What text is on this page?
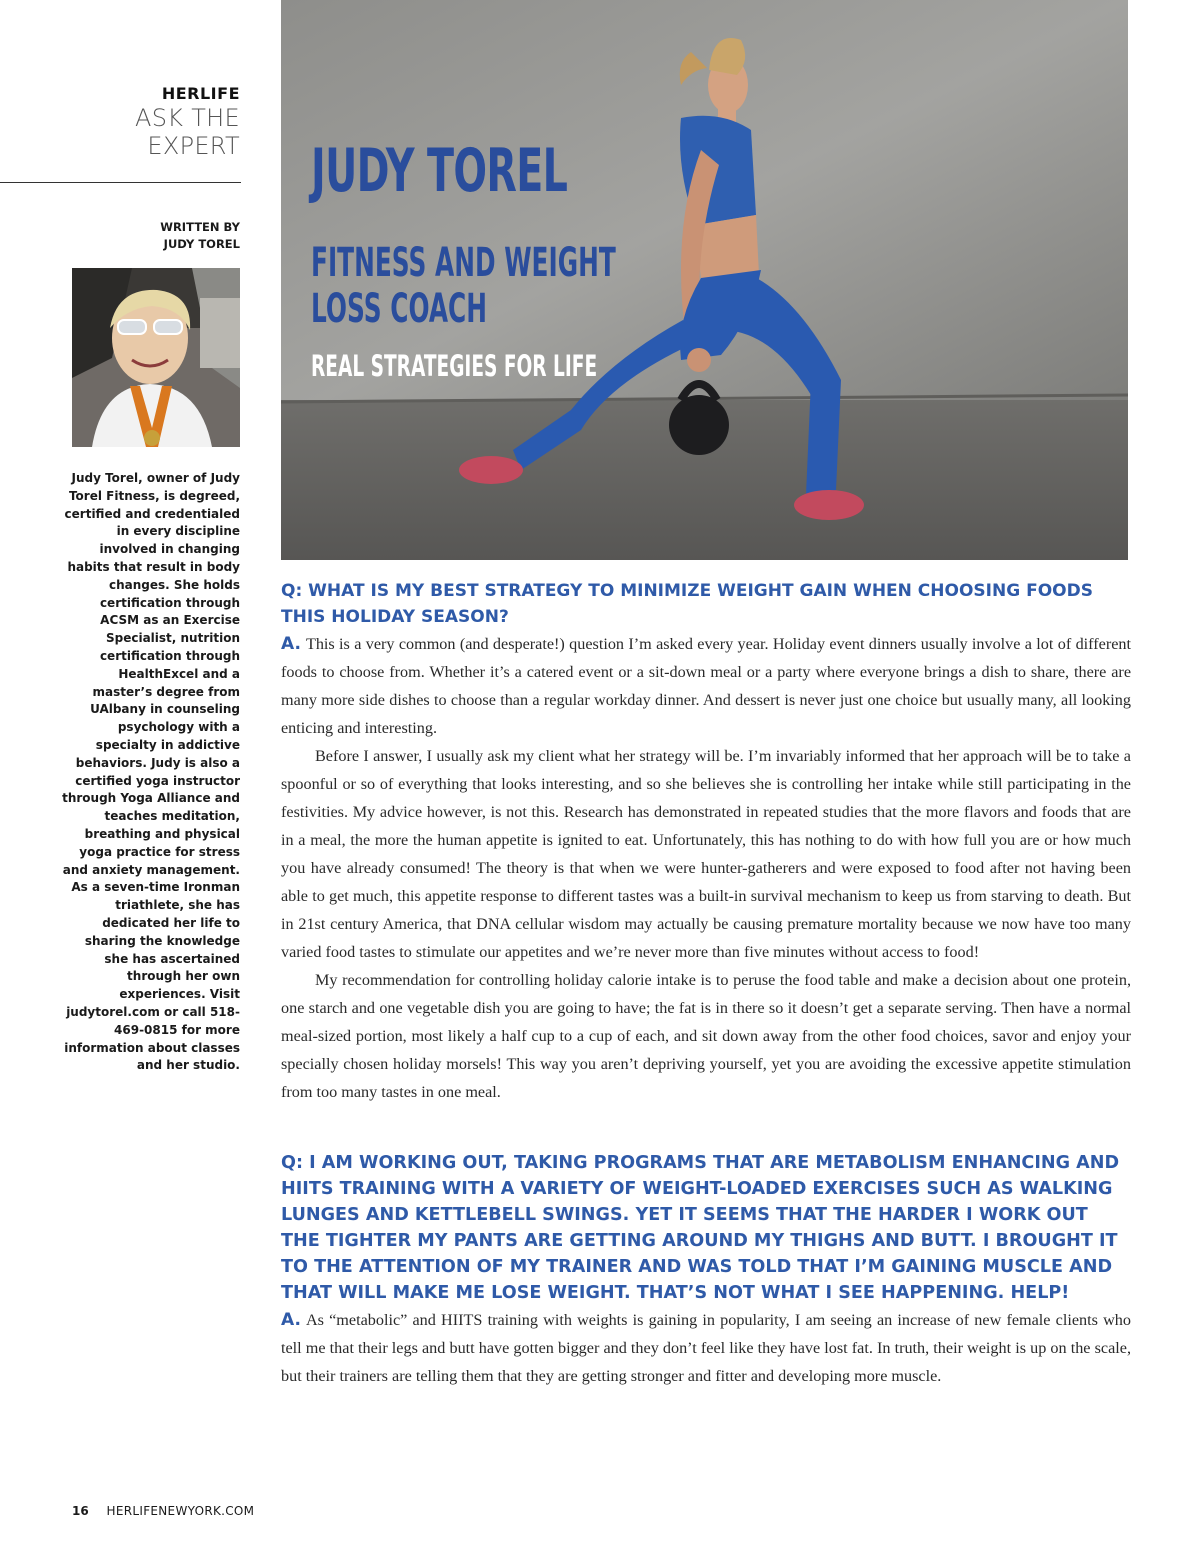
HERLIFE
ASK THE
EXPERT
WRITTEN BY
JUDY TOREL
Judy Torel, owner of Judy Torel Fitness, is degreed, certified and credentialed in every discipline involved in changing habits that result in body changes. She holds certification through ACSM as an Exercise Specialist, nutrition certification through HealthExcel and a master’s degree from UAlbany in counseling psychology with a specialty in addictive behaviors. Judy is also a certified yoga instructor through Yoga Alliance and teaches meditation, breathing and physical yoga practice for stress and anxiety management. As a seven-time Ironman triathlete, she has dedicated her life to sharing the knowledge she has ascertained through her own experiences. Visit judytorel.com or call 518-469-0815 for more information about classes and her studio.
JUDY TOREL
FITNESS AND WEIGHT
LOSS COACH
REAL STRATEGIES FOR LIFE

Q: WHAT IS MY BEST STRATEGY TO MINIMIZE WEIGHT GAIN WHEN CHOOSING FOODS THIS HOLIDAY SEASON?

A. This is a very common (and desperate!) question I’m asked every year. Holiday event dinners usually involve a lot of different foods to choose from. Whether it’s a catered event or a sit-down meal or a party where everyone brings a dish to share, there are many more side dishes to choose than a regular workday dinner. And dessert is never just one choice but usually many, all looking enticing and interesting.

Before I answer, I usually ask my client what her strategy will be. I’m invariably informed that her approach will be to take a spoonful or so of everything that looks interesting, and so she believes she is controlling her intake while still participating in the festivities. My advice however, is not this. Research has demonstrated in repeated studies that the more flavors and foods that are in a meal, the more the human appetite is ignited to eat. Unfortunately, this has nothing to do with how full you are or how much you have already consumed! The theory is that when we were hunter-gatherers and were exposed to food after not having been able to get much, this appetite response to different tastes was a built-in survival mechanism to keep us from starving to death. But in 21st century America, that DNA cellular wisdom may actually be causing premature mortality because we now have too many varied food tastes to stimulate our appetites and we’re never more than five minutes without access to food!

My recommendation for controlling holiday calorie intake is to peruse the food table and make a decision about one protein, one starch and one vegetable dish you are going to have; the fat is in there so it doesn’t get a separate serving. Then have a normal meal-sized portion, most likely a half cup to a cup of each, and sit down away from the other food choices, savor and enjoy your specially chosen holiday morsels! This way you aren’t depriving yourself, yet you are avoiding the excessive appetite stimulation from too many tastes in one meal.

Q: I AM WORKING OUT, TAKING PROGRAMS THAT ARE METABOLISM ENHANCING AND HIITS TRAINING WITH A VARIETY OF WEIGHT-LOADED EXERCISES SUCH AS WALKING LUNGES AND KETTLEBELL SWINGS. YET IT SEEMS THAT THE HARDER I WORK OUT THE TIGHTER MY PANTS ARE GETTING AROUND MY THIGHS AND BUTT. I BROUGHT IT TO THE ATTENTION OF MY TRAINER AND WAS TOLD THAT I’M GAINING MUSCLE AND THAT WILL MAKE ME LOSE WEIGHT. THAT’S NOT WHAT I SEE HAPPENING. HELP!

A. As “metabolic” and HIITS training with weights is gaining in popularity, I am seeing an increase of new female clients who tell me that their legs and butt have gotten bigger and they don’t feel like they have lost fat. In truth, their weight is up on the scale, but their trainers are telling them that they are getting stronger and fitter and developing more muscle.

16 HERLIFENEWYORK.COM
